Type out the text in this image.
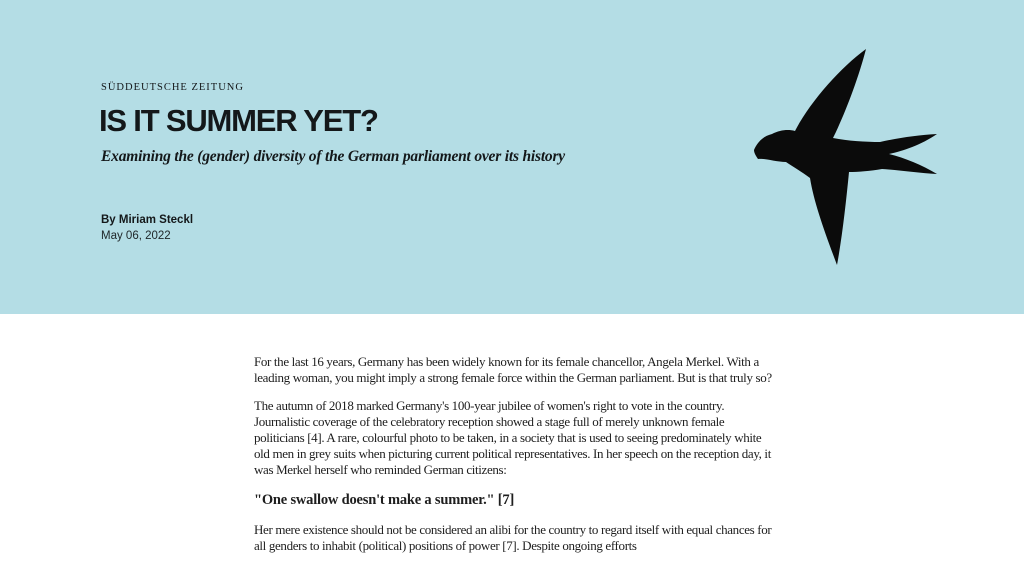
SÜDDEUTSCHE ZEITUNG
IS IT SUMMER YET?

Examining the (gender) diversity of the German parliament over its history

By Miriam Steckl
May 06, 2022

For the last 16 years, Germany has been widely known for its female chancellor, Angela Merkel. With a leading woman, you might imply a strong female force within the German parliament. But is that truly so?

The autumn of 2018 marked Germany's 100-year jubilee of women's right to vote in the country. Journalistic coverage of the celebratory reception showed a stage full of merely unknown female politicians [4]. A rare, colourful photo to be taken, in a society that is used to seeing predominately white old men in grey suits when picturing current political representatives. In her speech on the reception day, it was Merkel herself who reminded German citizens:

"One swallow doesn't make a summer." [7]

Her mere existence should not be considered an alibi for the country to regard itself with equal chances for all genders to inhabit (political) positions of power [7]. Despite ongoing efforts
